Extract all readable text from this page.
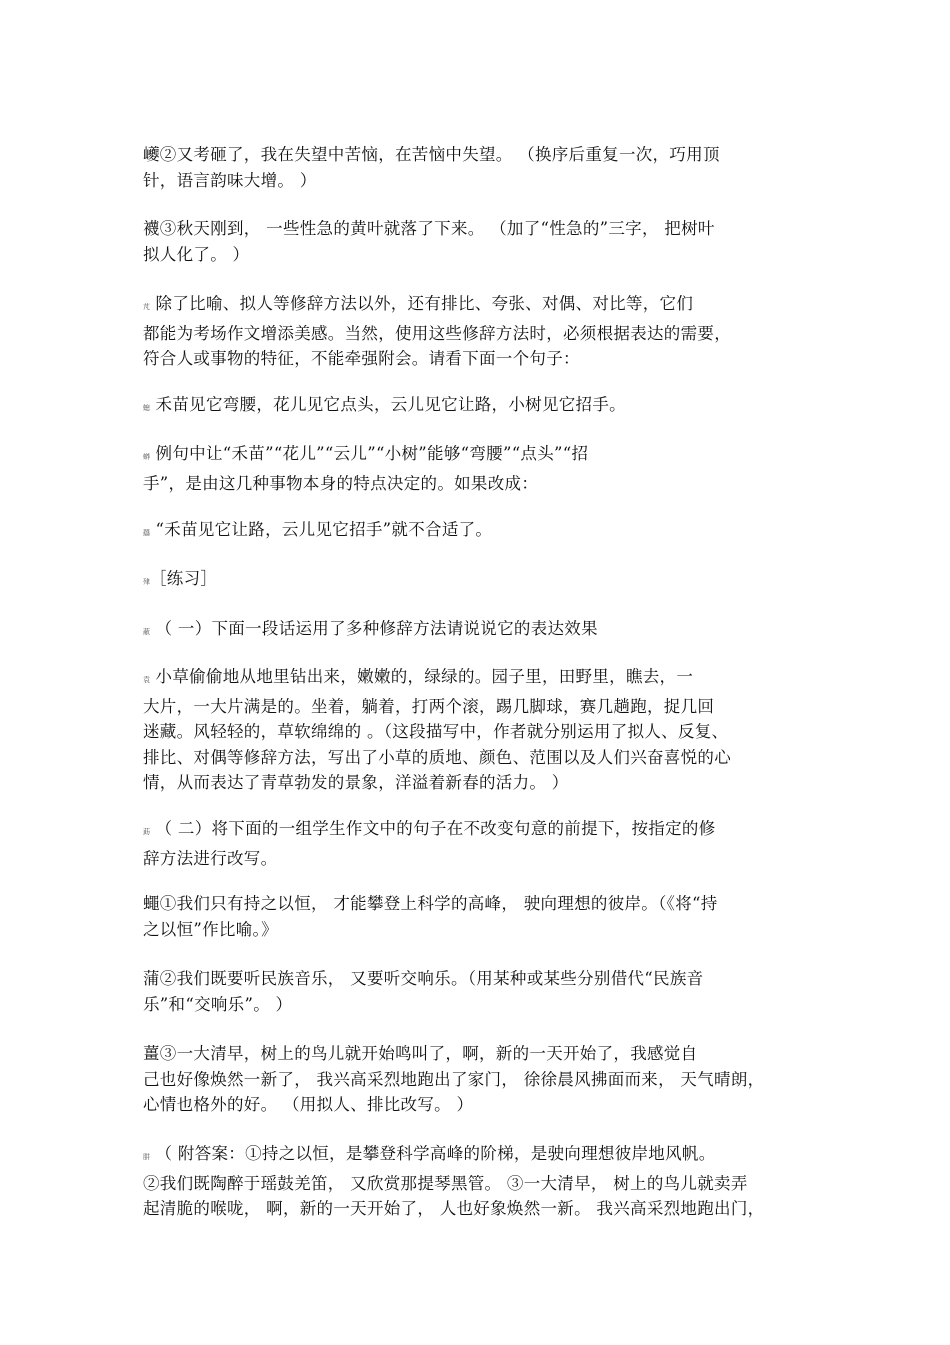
巙②又考砸了，我在失望中苦恼，在苦恼中失望。 （换序后重复一次，巧用顶
针，语言韵味大增。 ）
襪③秋天刚到， 一些性急的黄叶就落了下来。 （加了“性急的”三字， 把树叶
拟人化了。 ）
芃 除了比喻、拟人等修辞方法以外，还有排比、夸张、对偶、对比等，它们
都能为考场作文增添美感。当然，使用这些修辞方法时，必须根据表达的需要，
符合人或事物的特征，不能牵强附会。请看下面一个句子：
螅 禾苗见它弯腰，花儿见它点头，云儿见它让路，小树见它招手。
蟒 例句中让“禾苗”“花儿”“云儿”“小树”能够“弯腰”“点头”“招
手”，是由这几种事物本身的特点决定的。如果改成：
羉 “禾苗见它让路，云儿见它招手”就不合适了。
肂［练习］
蔽 （ 一）下面一段话运用了多种修辞方法请说说它的表达效果
袁 小草偷偷地从地里钻出来，嫩嫩的，绿绿的。园子里，田野里，瞧去，一
大片，一大片满是的。坐着，躺着，打两个滚，踢几脚球，赛几趟跑，捉几回
迷藏。风轻轻的，草软绵绵的 。（这段描写中，作者就分别运用了拟人、反复、
排比、对偶等修辞方法，写出了小草的质地、颜色、范围以及人们兴奋喜悦的心
情，从而表达了青草勃发的景象，洋溢着新春的活力。 ）
莇 （ 二）将下面的一组学生作文中的句子在不改变句意的前提下，按指定的修
辞方法进行改写。
蠅①我们只有持之以恒， 才能攀登上科学的高峰， 驶向理想的彼岸。（《将“持
之以恒”作比喻。》
蒲②我们既要听民族音乐， 又要听交响乐。（用某种或某些分别借代“民族音
乐”和“交响乐”。 ）
薑③一大清早，树上的鸟儿就开始鸣叫了，啊，新的一天开始了，我感觉自
己也好像焕然一新了， 我兴高采烈地跑出了家门， 徐徐晨风拂面而来， 天气晴朗，
心情也格外的好。 （用拟人、排比改写。 ）
肼 （ 附答案：①持之以恒，是攀登科学高峰的阶梯，是驶向理想彼岸地风帆。
②我们既陶醉于瑶鼓羌笛， 又欣赏那提琴黑管。 ③一大清早， 树上的鸟儿就卖弄
起清脆的喉咙， 啊，新的一天开始了， 人也好象焕然一新。 我兴高采烈地跑出门，
